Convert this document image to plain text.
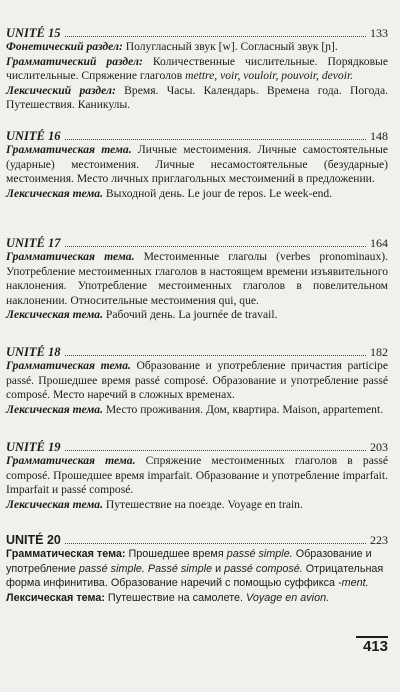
UNITÉ 15	133

Фонетический раздел: Полугласный звук [w]. Согласный звук [ɲ].

Грамматический раздел: Количественные числительные. Порядковые числительные. Спряжение глаголов mettre, voir, vouloir, pouvoir, devoir.

Лексический раздел: Время. Часы. Календарь. Времена года. Погода. Путешествия. Каникулы.

UNITÉ 16	148

Грамматическая тема. Личные местоимения. Личные самостоятельные (ударные) местоимения. Личные несамостоятельные (безударные) местоимения. Место личных приглагольных местоимений в предложении.

Лексическая тема. Выходной день. Le jour de repos. Le week-end.

UNITÉ 17	164

Грамматическая тема. Местоименные глаголы (verbes pronominaux). Употребление местоименных глаголов в настоящем времени изъявительного наклонения. Употребление местоименных глаголов в повелительном наклонении. Относительные местоимения qui, que.

Лексическая тема. Рабочий день. La journée de travail.

UNITÉ 18	182

Грамматическая тема. Образование и употребление причастия participe passé. Прошедшее время passé composé. Образование и употребление passé composé. Место наречий в сложных временах.

Лексическая тема. Место проживания. Дом, квартира. Maison, appartement.

UNITÉ 19	203

Грамматическая тема. Спряжение местоименных глаголов в passé composé. Прошедшее время imparfait. Образование и употребление imparfait. Imparfait и passé composé.

Лексическая тема. Путешествие на поезде. Voyage en train.

UNITÉ 20	223

Грамматическая тема: Прошедшее время passé simple. Образование и употребление passé simple. Passé simple и passé composé. Отрицательная форма инфинитива. Образование наречий с помощью суффикса -ment.

Лексическая тема: Путешествие на самолете. Voyage en avion.

413
